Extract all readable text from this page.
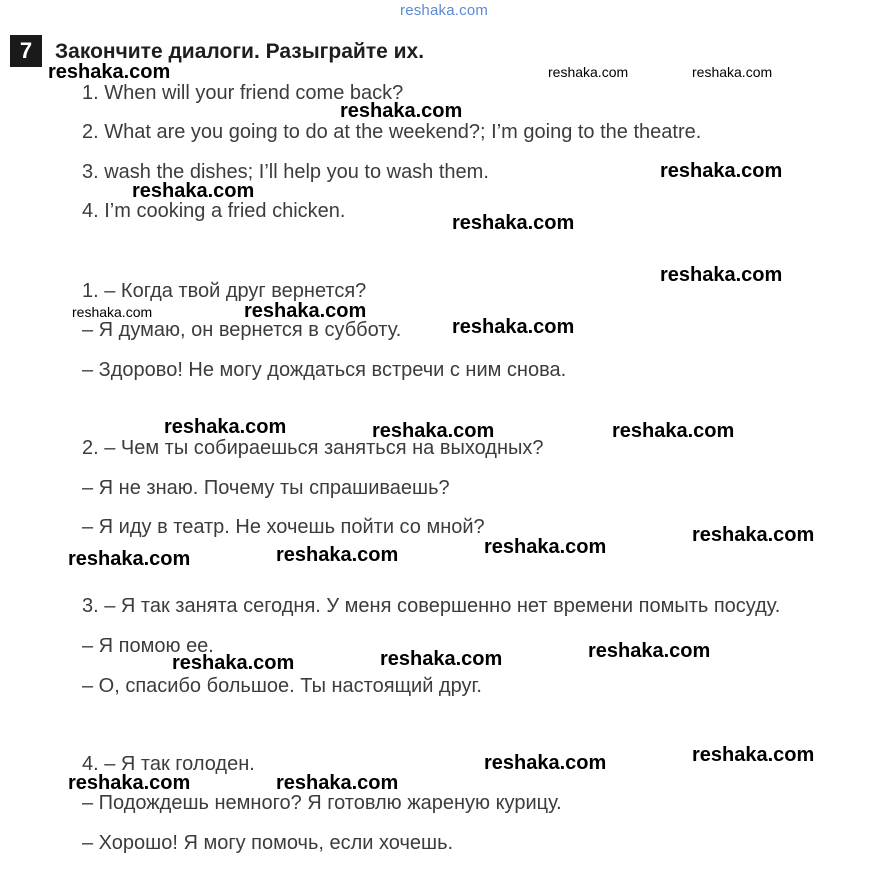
reshaka.com
7	Закончите диалоги. Разыграйте их.
1. When will your friend come back?
2. What are you going to do at the weekend?; I’m going to the theatre.
3. wash the dishes; I’ll help you to wash them.
4. I’m cooking a fried chicken.
1. – Когда твой друг вернется?
– Я думаю, он вернется в субботу.
– Здорово! Не могу дождаться встречи с ним снова.
2. – Чем ты собираешься заняться на выходных?
– Я не знаю. Почему ты спрашиваешь?
– Я иду в театр. Не хочешь пойти со мной?
3. – Я так занята сегодня. У меня совершенно нет времени помыть посуду.
– Я помою ее.
– О, спасибо большое. Ты настоящий друг.
4. – Я так голоден.
– Подождешь немного? Я готовлю жареную курицу.
– Хорошо! Я могу помочь, если хочешь.
reshaka.com	reshaka.com	reshaka.com
reshaka.com
reshaka.com
reshaka.com
reshaka.com
reshaka.com
reshaka.com	reshaka.com
reshaka.com
reshaka.com	reshaka.com	reshaka.com
reshaka.com
reshaka.com
reshaka.com
reshaka.com
reshaka.com
reshaka.com
reshaka.com
reshaka.com
reshaka.com
reshaka.com	reshaka.com
